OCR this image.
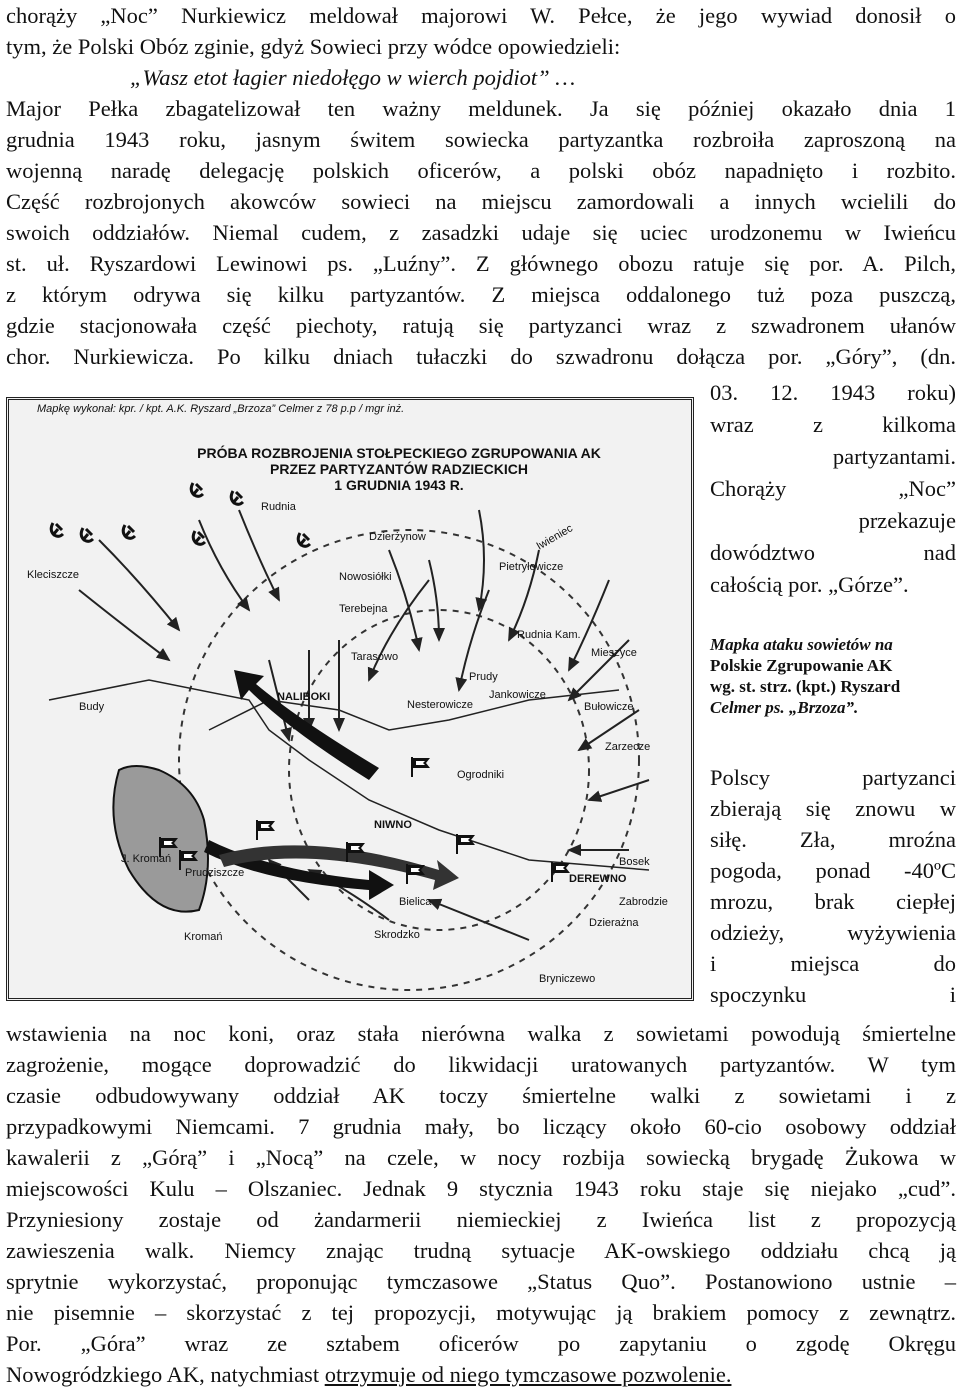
chorąży „Noc” Nurkiewicz meldował majorowi W. Pełce, że jego wywiad donosił o
tym, że Polski Obóz zginie, gdyż Sowieci przy wódce opowiedzieli:
„Wasz etot łagier niedołęgo w wierch pojdiot” …
Major Pełka zbagatelizował ten ważny meldunek. Ja się później okazało dnia 1
grudnia 1943 roku, jasnym świtem sowiecka partyzantka rozbroiła zaproszoną na
wojenną naradę delegację polskich oficerów, a polski obóz napadnięto i rozbito.
Część rozbrojonych akowców sowieci na miejscu zamordowali a innych wcielili do
swoich oddziałów. Niemal cudem, z zasadzki udaje się uciec urodzonemu w Iwieńcu
st. uł. Ryszardowi Lewinowi ps. „Luźny”. Z głównego obozu ratuje się por. A. Pilch,
z którym odrywa się kilku partyzantów. Z miejsca oddalonego tuż poza puszczą,
gdzie stacjonowała część piechoty, ratują się partyzanci wraz z szwadronem ułanów
chor. Nurkiewicza. Po kilku dniach tułaczki do szwadronu dołącza por. „Góry”, (dn.
03. 12. 1943 roku)
wraz z kilkoma
partyzantami.
Chorąży „Noc”
przekazuje
dowództwo nad
całością por. „Górze”.
Mapka ataku sowietów na
Polskie Zgrupowanie AK
wg. st. strz. (kpt.) Ryszard
Celmer ps. „Brzoza”.
Polscy partyzanci
zbierają się znowu w
siłę. Zła, mroźna
pogoda, ponad -40ºC
mrozu, brak ciepłej
odzieży, wyżywienia
i miejsca do
spoczynku i
Mapkę wykonał: kpr. / kpt. A.K. Ryszard „Brzoza” Celmer z 78 p.p / mgr inż.
PRÓBA ROZBROJENIA STOŁPECKIEGO ZGRUPOWANIA AK
PRZEZ PARTYZANTÓW RADZIECKICH
1 GRUDNIA 1943 R.
Rudnia
Dzierżynow	Iwieniec
Kleciszcze	Nowosiółki
Pietryłowicze
Terebejna
Rudnia Kam.
Mieszyce
Tarasowo
Prudy
Jankowicze
Budy
NALIBOKI
Nesterowicze	Bułowicze
Zarzecze
Ogrodniki
NIWNO
J. Kromań
Prudziszcze
Bielica
DEREWNO
Bosek
Zabrodzie
Dzierażna
Skrodzko
Kromań
Bryniczewo
wstawienia na noc koni, oraz stała nierówna walka z sowietami powodują śmiertelne
zagrożenie, mogące doprowadzić do likwidacji uratowanych partyzantów. W tym
czasie odbudowywany oddział AK toczy śmiertelne walki z sowietami i z
przypadkowymi Niemcami. 7 grudnia mały, bo liczący około 60-cio osobowy oddział
kawalerii z „Górą” i „Nocą” na czele, w nocy rozbija sowiecką brygadę Żukowa w
miejscowości Kulu – Olszaniec. Jednak 9 stycznia 1943 roku staje się niejako „cud”.
Przyniesiony zostaje od żandarmerii niemieckiej z Iwieńca list z propozycją
zawieszenia walk. Niemcy znając trudną sytuacje AK-owskiego oddziału chcą ją
sprytnie wykorzystać, proponując tymczasowe „Status Quo”. Postanowiono ustnie –
nie pisemnie – skorzystać z tej propozycji, motywując ją brakiem pomocy z zewnątrz.
Por. „Góra” wraz ze sztabem oficerów po zapytaniu o zgodę Okręgu
Nowogródzkiego AK, natychmiast otrzymuje od niego tymczasowe pozwolenie.
